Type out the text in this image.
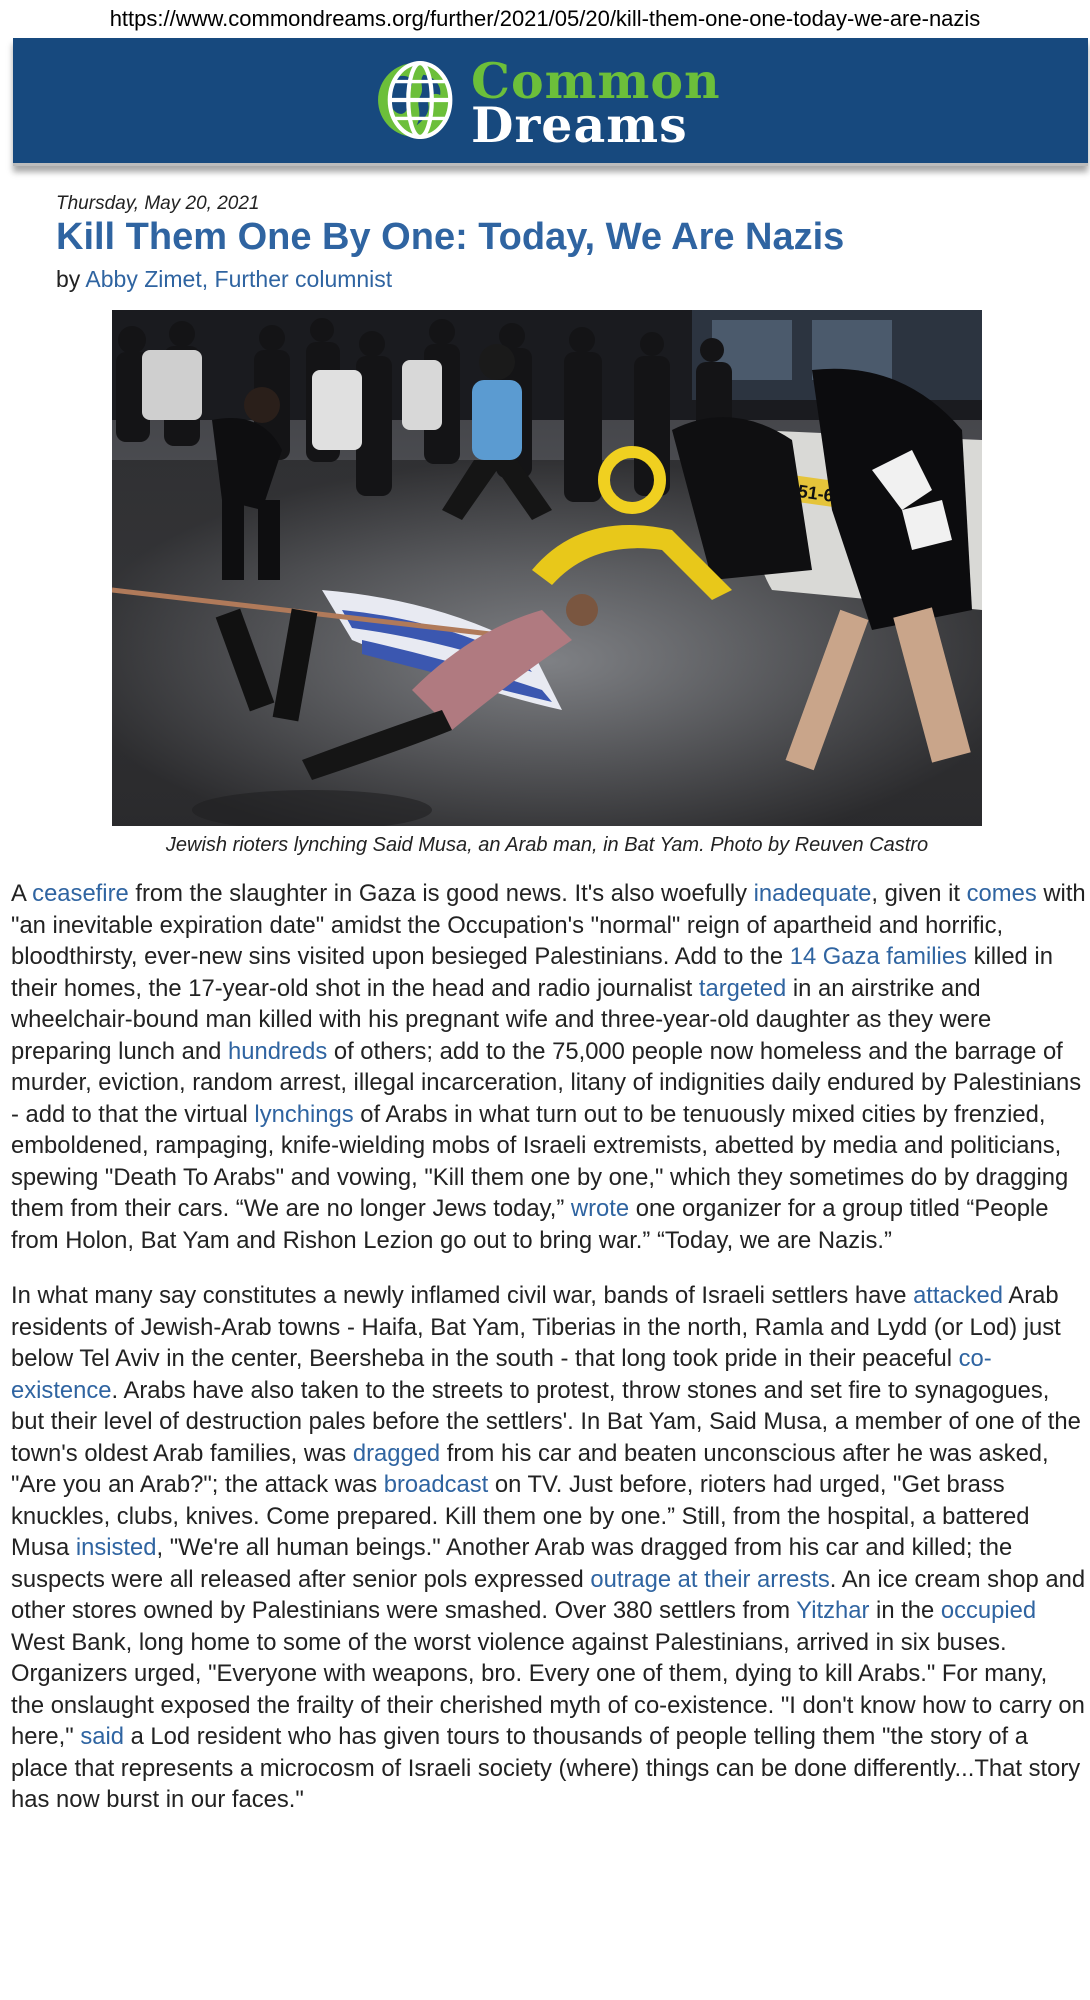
https://www.commondreams.org/further/2021/05/20/kill-them-one-one-today-we-are-nazis
Common
Dreams
Thursday, May 20, 2021
Kill Them One By One: Today, We Are Nazis
by Abby Zimet, Further columnist
Jewish rioters lynching Said Musa, an Arab man, in Bat Yam. Photo by Reuven Castro

A ceasefire from the slaughter in Gaza is good news. It's also woefully inadequate, given it comes with "an inevitable expiration date" amidst the Occupation's "normal" reign of apartheid and horrific, bloodthirsty, ever-new sins visited upon besieged Palestinians. Add to the 14 Gaza families killed in their homes, the 17-year-old shot in the head and radio journalist targeted in an airstrike and wheelchair-bound man killed with his pregnant wife and three-year-old daughter as they were preparing lunch and hundreds of others; add to the 75,000 people now homeless and the barrage of murder, eviction, random arrest, illegal incarceration, litany of indignities daily endured by Palestinians - add to that the virtual lynchings of Arabs in what turn out to be tenuously mixed cities by frenzied, emboldened, rampaging, knife-wielding mobs of Israeli extremists, abetted by media and politicians, spewing "Death To Arabs" and vowing, "Kill them one by one," which they sometimes do by dragging them from their cars. “We are no longer Jews today,” wrote one organizer for a group titled “People from Holon, Bat Yam and Rishon Lezion go out to bring war.” “Today, we are Nazis.”

In what many say constitutes a newly inflamed civil war, bands of Israeli settlers have attacked Arab residents of Jewish-Arab towns - Haifa, Bat Yam, Tiberias in the north, Ramla and Lydd (or Lod) just below Tel Aviv in the center, Beersheba in the south - that long took pride in their peaceful co-existence. Arabs have also taken to the streets to protest, throw stones and set fire to synagogues, but their level of destruction pales before the settlers'. In Bat Yam, Said Musa, a member of one of the town's oldest Arab families, was dragged from his car and beaten unconscious after he was asked, "Are you an Arab?"; the attack was broadcast on TV. Just before, rioters had urged, "Get brass knuckles, clubs, knives. Come prepared. Kill them one by one.” Still, from the hospital, a battered Musa insisted, "We're all human beings." Another Arab was dragged from his car and killed; the suspects were all released after senior pols expressed outrage at their arrests. An ice cream shop and other stores owned by Palestinians were smashed. Over 380 settlers from Yitzhar in the occupied West Bank, long home to some of the worst violence against Palestinians, arrived in six buses. Organizers urged, "Everyone with weapons, bro. Every one of them, dying to kill Arabs." For many, the onslaught exposed the frailty of their cherished myth of co-existence. "I don't know how to carry on here," said a Lod resident who has given tours to thousands of people telling them "the story of a place that represents a microcosm of Israeli society (where) things can be done differently...That story has now burst in our faces."
